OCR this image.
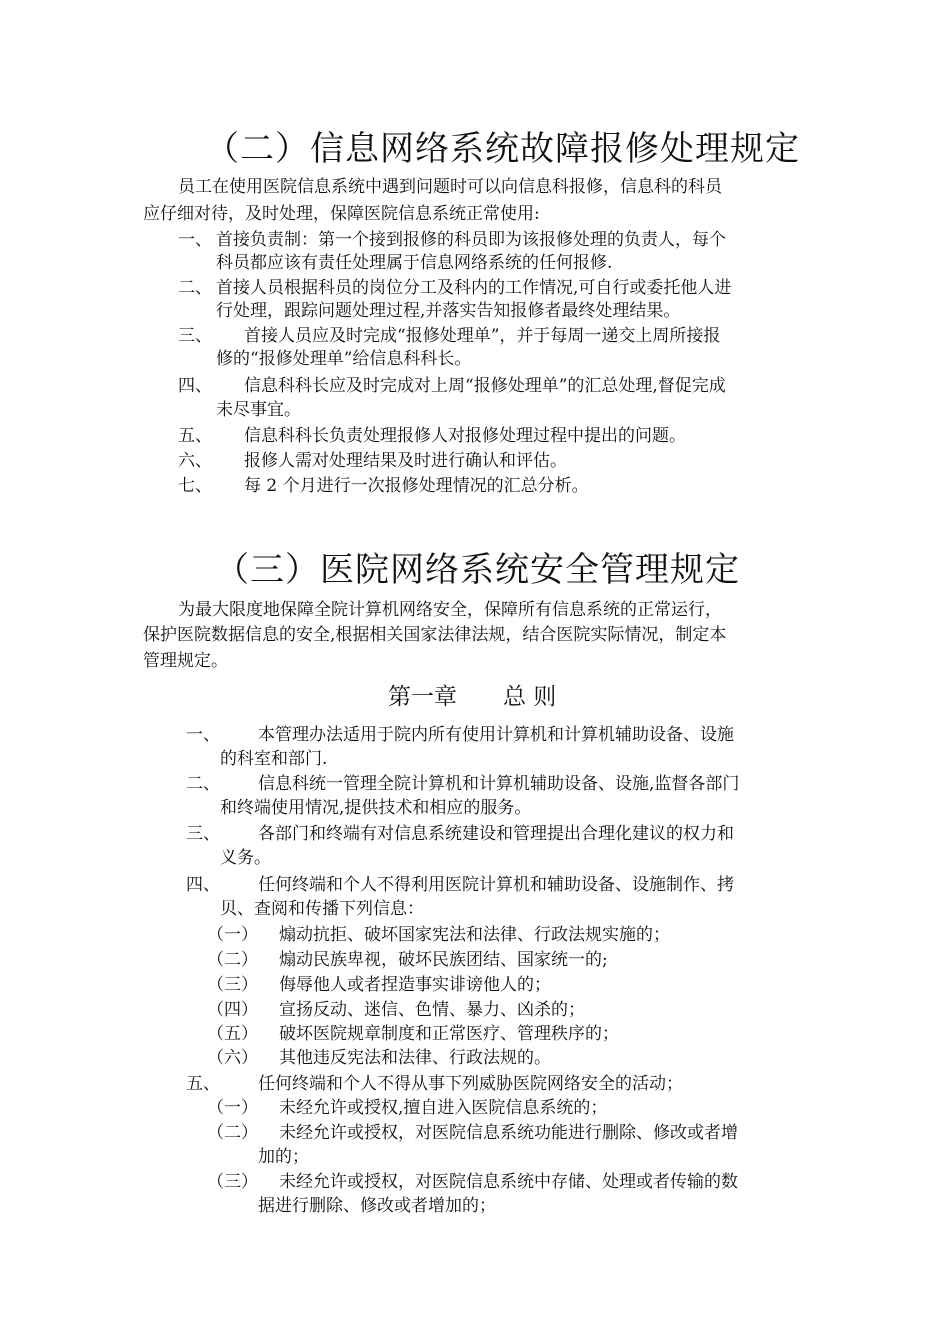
（二）信息网络系统故障报修处理规定
员工在使用医院信息系统中遇到问题时可以向信息科报修，信息科的科员
应仔细对待，及时处理，保障医院信息系统正常使用:
一、 首接负责制：第一个接到报修的科员即为该报修处理的负责人，每个
科员都应该有责任处理属于信息网络系统的任何报修.
二、 首接人员根据科员的岗位分工及科内的工作情况,可自行或委托他人进
行处理，跟踪问题处理过程,并落实告知报修者最终处理结果。
三、 首接人员应及时完成“报修处理单”，并于每周一递交上周所接报
修的“报修处理单”给信息科科长。
四、 信息科科长应及时完成对上周“报修处理单”的汇总处理,督促完成
未尽事宜。
五、 信息科科长负责处理报修人对报修处理过程中提出的问题。
六、 报修人需对处理结果及时进行确认和评估。
七、 每 2 个月进行一次报修处理情况的汇总分析。
（三）医院网络系统安全管理规定
为最大限度地保障全院计算机网络安全，保障所有信息系统的正常运行，
保护医院数据信息的安全,根据相关国家法律法规，结合医院实际情况，制定本
管理规定。
第一章　　总 则
一、 本管理办法适用于院内所有使用计算机和计算机辅助设备、设施
的科室和部门.
二、 信息科统一管理全院计算机和计算机辅助设备、设施,监督各部门
和终端使用情况,提供技术和相应的服务。
三、 各部门和终端有对信息系统建设和管理提出合理化建议的权力和
义务。
四、 任何终端和个人不得利用医院计算机和辅助设备、设施制作、拷
贝、查阅和传播下列信息：
（一） 煽动抗拒、破坏国家宪法和法律、行政法规实施的；
（二） 煽动民族卑视，破坏民族团结、国家统一的;
（三） 侮辱他人或者捏造事实诽谤他人的；
（四） 宣扬反动、迷信、色情、暴力、凶杀的；
（五） 破坏医院规章制度和正常医疗、管理秩序的；
（六） 其他违反宪法和法律、行政法规的。
五、 任何终端和个人不得从事下列威胁医院网络安全的活动；
（一） 未经允许或授权,擅自进入医院信息系统的；
（二） 未经允许或授权，对医院信息系统功能进行删除、修改或者增
加的；
（三） 未经允许或授权，对医院信息系统中存储、处理或者传输的数
据进行删除、修改或者增加的；
